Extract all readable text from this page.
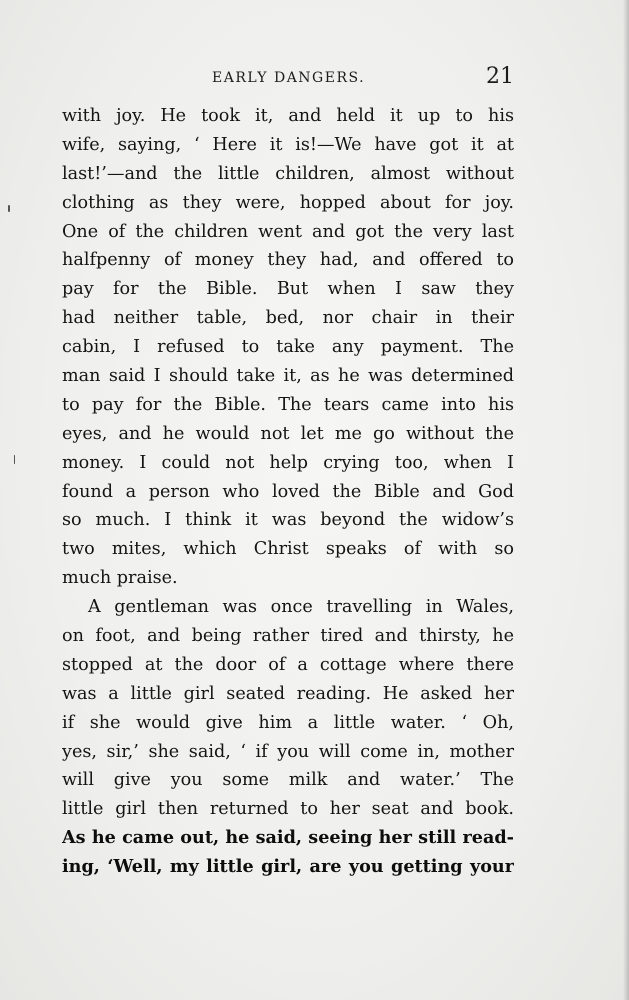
EARLY DANGERS.	21
with joy. He took it, and held it up to his
wife, saying, ‘ Here it is!—We have got it at
last!’—and the little children, almost without
clothing as they were, hopped about for joy.
One of the children went and got the very last
halfpenny of money they had, and offered to
pay for the Bible. But when I saw they
had neither table, bed, nor chair in their
cabin, I refused to take any payment. The
man said I should take it, as he was determined
to pay for the Bible. The tears came into his
eyes, and he would not let me go without the
money. I could not help crying too, when I
found a person who loved the Bible and God
so much. I think it was beyond the widow’s
two mites, which Christ speaks of with so
much praise.
A gentleman was once travelling in Wales,
on foot, and being rather tired and thirsty, he
stopped at the door of a cottage where there
was a little girl seated reading. He asked her
if she would give him a little water. ‘ Oh,
yes, sir,’ she said, ‘ if you will come in, mother
will give you some milk and water.’ The
little girl then returned to her seat and book.
As he came out, he said, seeing her still read-
ing, ‘Well, my little girl, are you getting your
